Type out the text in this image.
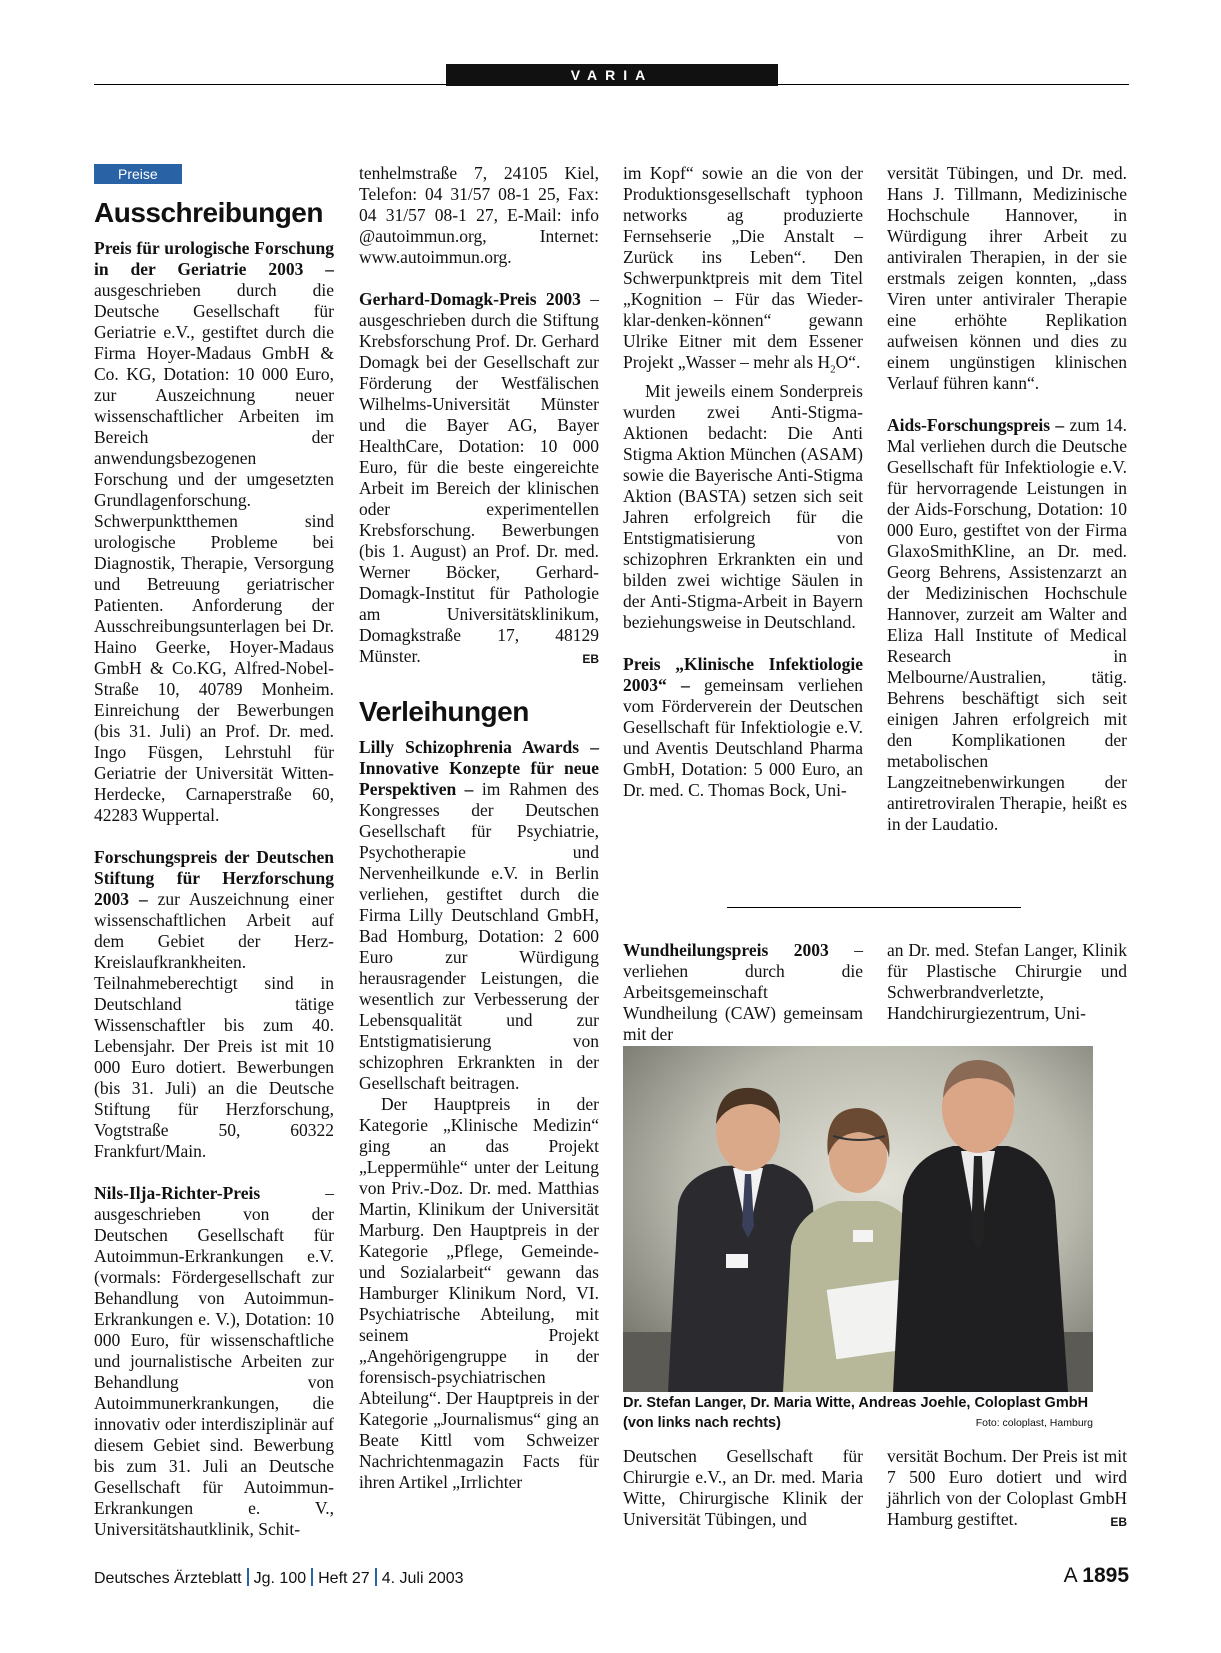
VARIA
Preise
Ausschreibungen

Preis für urologische Forschung in der Geriatrie 2003 – ausgeschrieben durch die Deutsche Gesellschaft für Geriatrie e.V., gestiftet durch die Firma Hoyer-Madaus GmbH & Co. KG, Dotation: 10 000 Euro, zur Auszeichnung neuer wissenschaftlicher Arbeiten im Bereich der anwendungsbezogenen Forschung und der umgesetzten Grundlagenforschung. Schwerpunktthemen sind urologische Probleme bei Diagnostik, Therapie, Versorgung und Betreuung geriatrischer Patienten. Anforderung der Ausschreibungsunterlagen bei Dr. Haino Geerke, Hoyer-Madaus GmbH & Co.KG, Alfred-Nobel-Straße 10, 40789 Monheim. Einreichung der Bewerbungen (bis 31. Juli) an Prof. Dr. med. Ingo Füsgen, Lehrstuhl für Geriatrie der Universität Witten-Herdecke, Carnaperstraße 60, 42283 Wuppertal.

Forschungspreis der Deutschen Stiftung für Herzforschung 2003 – zur Auszeichnung einer wissenschaftlichen Arbeit auf dem Gebiet der Herz-Kreislaufkrankheiten. Teilnahmeberechtigt sind in Deutschland tätige Wissenschaftler bis zum 40. Lebensjahr. Der Preis ist mit 10 000 Euro dotiert. Bewerbungen (bis 31. Juli) an die Deutsche Stiftung für Herzforschung, Vogtstraße 50, 60322 Frankfurt/Main.

Nils-Ilja-Richter-Preis – ausgeschrieben von der Deutschen Gesellschaft für Autoimmun-Erkrankungen e.V. (vormals: Fördergesellschaft zur Behandlung von Autoimmun-Erkrankungen e. V.), Dotation: 10 000 Euro, für wissenschaftliche und journalistische Arbeiten zur Behandlung von Autoimmunerkrankungen, die innovativ oder interdisziplinär auf diesem Gebiet sind. Bewerbung bis zum 31. Juli an Deutsche Gesellschaft für Autoimmun-Erkrankungen e. V., Universitätshautklinik, Schit-

tenhelmstraße 7, 24105 Kiel, Telefon: 04 31/57 08-1 25, Fax: 04 31/57 08-1 27, E-Mail: info @autoimmun.org, Internet: www.autoimmun.org.

Gerhard-Domagk-Preis 2003 – ausgeschrieben durch die Stiftung Krebsforschung Prof. Dr. Gerhard Domagk bei der Gesellschaft zur Förderung der Westfälischen Wilhelms-Universität Münster und die Bayer AG, Bayer HealthCare, Dotation: 10 000 Euro, für die beste eingereichte Arbeit im Bereich der klinischen oder experimentellen Krebsforschung. Bewerbungen (bis 1. August) an Prof. Dr. med. Werner Böcker, Gerhard-Domagk-Institut für Pathologie am Universitätsklinikum, Domagkstraße 17, 48129 Münster.	EB

Verleihungen

Lilly Schizophrenia Awards – Innovative Konzepte für neue Perspektiven – im Rahmen des Kongresses der Deutschen Gesellschaft für Psychiatrie, Psychotherapie und Nervenheilkunde e.V. in Berlin verliehen, gestiftet durch die Firma Lilly Deutschland GmbH, Bad Homburg, Dotation: 2 600 Euro zur Würdigung herausragender Leistungen, die wesentlich zur Verbesserung der Lebensqualität und zur Entstigmatisierung von schizophren Erkrankten in der Gesellschaft beitragen.

Der Hauptpreis in der Kategorie „Klinische Medizin“ ging an das Projekt „Leppermühle“ unter der Leitung von Priv.-Doz. Dr. med. Matthias Martin, Klinikum der Universität Marburg. Den Hauptpreis in der Kategorie „Pflege, Gemeinde- und Sozialarbeit“ gewann das Hamburger Klinikum Nord, VI. Psychiatrische Abteilung, mit seinem Projekt „Angehörigengruppe in der forensisch-psychiatrischen Abteilung“. Der Hauptpreis in der Kategorie „Journalismus“ ging an Beate Kittl vom Schweizer Nachrichtenmagazin Facts für ihren Artikel „Irrlichter

im Kopf“ sowie an die von der Produktionsgesellschaft typhoon networks ag produzierte Fernsehserie „Die Anstalt – Zurück ins Leben“. Den Schwerpunktpreis mit dem Titel „Kognition – Für das Wieder-klar-denken-können“ gewann Ulrike Eitner mit dem Essener Projekt „Wasser – mehr als $H_2O“$.

Mit jeweils einem Sonderpreis wurden zwei Anti-Stigma-Aktionen bedacht: Die Anti Stigma Aktion München (ASAM) sowie die Bayerische Anti-Stigma Aktion (BASTA) setzen sich seit Jahren erfolgreich für die Entstigmatisierung von schizophren Erkrankten ein und bilden zwei wichtige Säulen in der Anti-Stigma-Arbeit in Bayern beziehungsweise in Deutschland.

Preis „Klinische Infektiologie 2003“ – gemeinsam verliehen vom Förderverein der Deutschen Gesellschaft für Infektiologie e.V. und Aventis Deutschland Pharma GmbH, Dotation: 5 000 Euro, an Dr. med. C. Thomas Bock, Uni-

versität Tübingen, und Dr. med. Hans J. Tillmann, Medizinische Hochschule Hannover, in Würdigung ihrer Arbeit zu antiviralen Therapien, in der sie erstmals zeigen konnten, „dass Viren unter antiviraler Therapie eine erhöhte Replikation aufweisen können und dies zu einem ungünstigen klinischen Verlauf führen kann“.

Aids-Forschungspreis – zum 14. Mal verliehen durch die Deutsche Gesellschaft für Infektiologie e.V. für hervorragende Leistungen in der Aids-Forschung, Dotation: 10 000 Euro, gestiftet von der Firma GlaxoSmithKline, an Dr. med. Georg Behrens, Assistenzarzt an der Medizinischen Hochschule Hannover, zurzeit am Walter and Eliza Hall Institute of Medical Research in Melbourne/Australien, tätig. Behrens beschäftigt sich seit einigen Jahren erfolgreich mit den Komplikationen der metabolischen Langzeitnebenwirkungen der antiretroviralen Therapie, heißt es in der Laudatio.

Wundheilungspreis 2003 – verliehen durch die Arbeitsgemeinschaft Wundheilung (CAW) gemeinsam mit der

an Dr. med. Stefan Langer, Klinik für Plastische Chirurgie und Schwerbrandverletzte, Handchirurgiezentrum, Uni-

Dr. Stefan Langer, Dr. Maria Witte, Andreas Joehle, Coloplast GmbH (von links nach rechts)	Foto: coloplast, Hamburg

Deutschen Gesellschaft für Chirurgie e.V., an Dr. med. Maria Witte, Chirurgische Klinik der Universität Tübingen, und

versität Bochum. Der Preis ist mit 7 500 Euro dotiert und wird jährlich von der Coloplast GmbH Hamburg gestiftet.	EB

Deutsches Ärzteblatt Jg. 100 Heft 27 4. Juli 2003	A 1895
